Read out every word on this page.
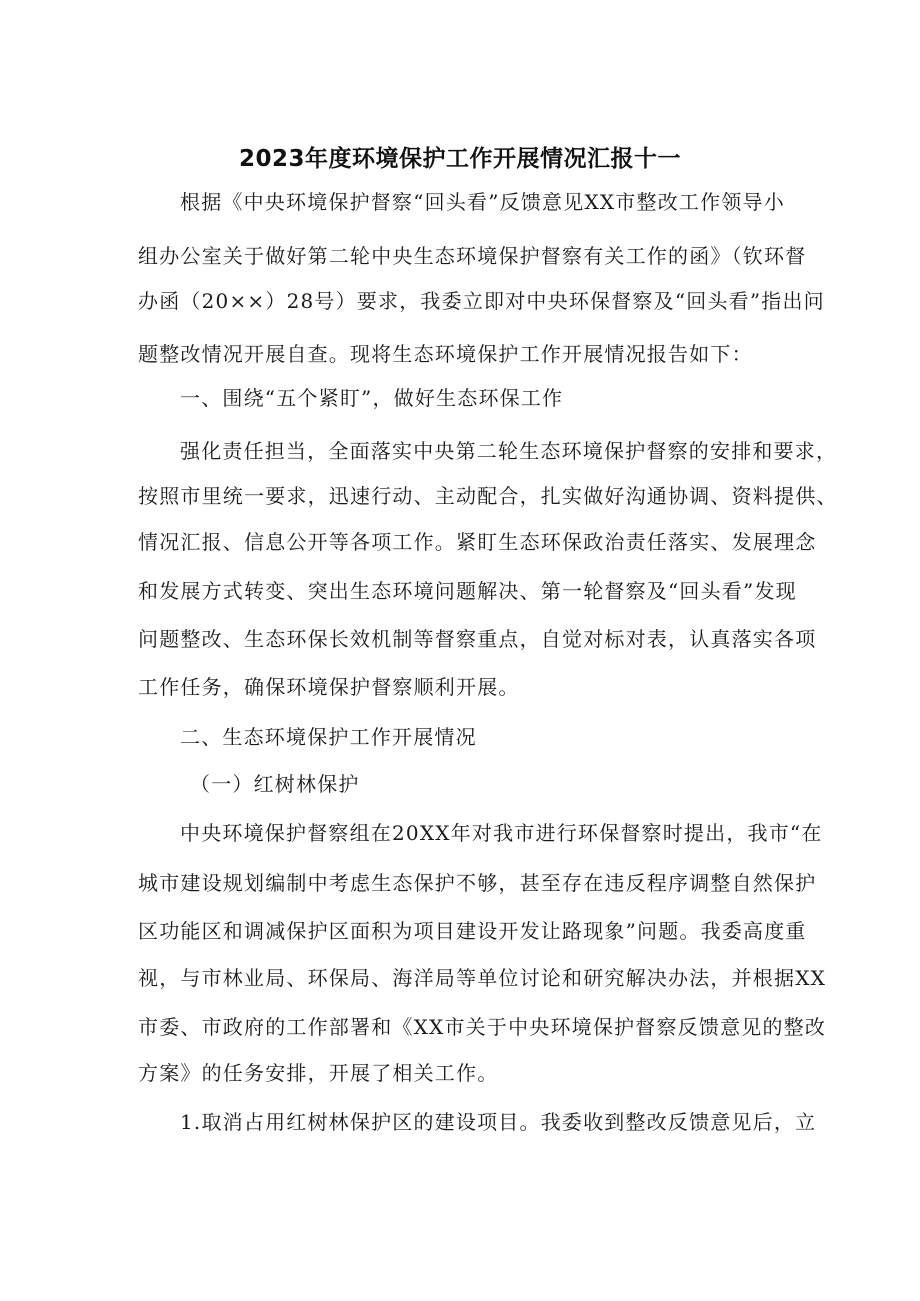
2023年度环境保护工作开展情况汇报十一
根据《中央环境保护督察“回头看”反馈意见XX市整改工作领导小
组办公室关于做好第二轮中央生态环境保护督察有关工作的函》（钦环督
办函（20××）28号）要求，我委立即对中央环保督察及“回头看”指出问
题整改情况开展自查。现将生态环境保护工作开展情况报告如下：
一、围绕“五个紧盯”，做好生态环保工作
强化责任担当，全面落实中央第二轮生态环境保护督察的安排和要求，
按照市里统一要求，迅速行动、主动配合，扎实做好沟通协调、资料提供、
情况汇报、信息公开等各项工作。紧盯生态环保政治责任落实、发展理念
和发展方式转变、突出生态环境问题解决、第一轮督察及“回头看”发现
问题整改、生态环保长效机制等督察重点，自觉对标对表，认真落实各项
工作任务，确保环境保护督察顺利开展。
二、生态环境保护工作开展情况
（一）红树林保护
中央环境保护督察组在20XX年对我市进行环保督察时提出，我市“在
城市建设规划编制中考虑生态保护不够，甚至存在违反程序调整自然保护
区功能区和调减保护区面积为项目建设开发让路现象”问题。我委高度重
视，与市林业局、环保局、海洋局等单位讨论和研究解决办法，并根据XX
市委、市政府的工作部署和《XX市关于中央环境保护督察反馈意见的整改
方案》的任务安排，开展了相关工作。
1.取消占用红树林保护区的建设项目。我委收到整改反馈意见后，立
